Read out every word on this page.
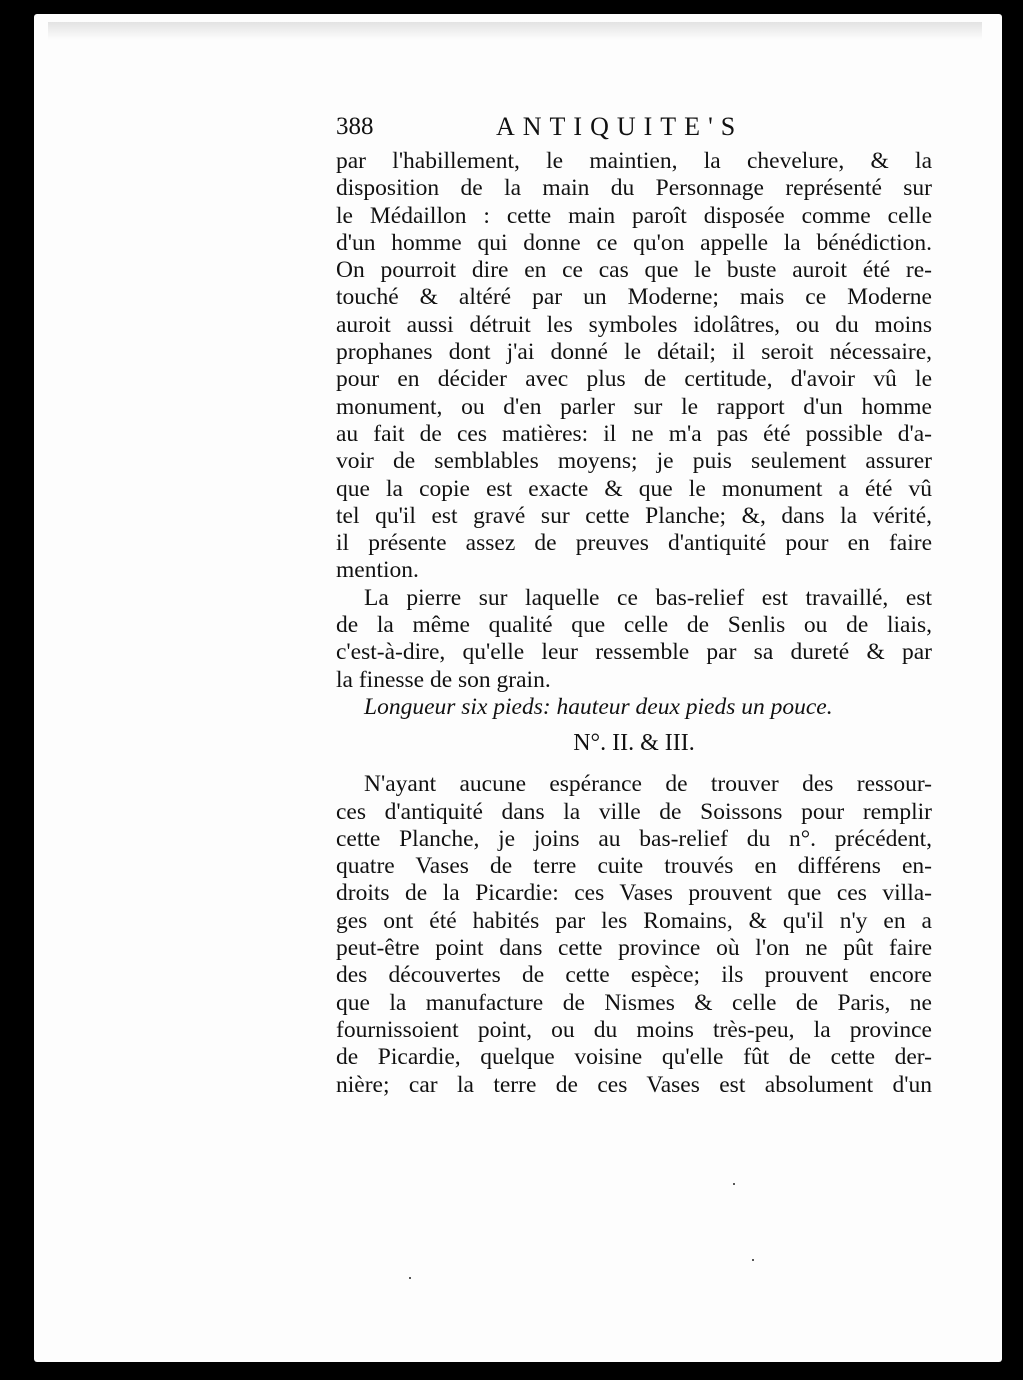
388	ANTIQUITE'S
par l'habillement, le maintien, la chevelure, & la
disposition de la main du Personnage représenté sur
le Médaillon : cette main paroît disposée comme celle
d'un homme qui donne ce qu'on appelle la bénédiction.
On pourroit dire en ce cas que le buste auroit été re-
touché & altéré par un Moderne; mais ce Moderne
auroit aussi détruit les symboles idolâtres, ou du moins
prophanes dont j'ai donné le détail; il seroit nécessaire,
pour en décider avec plus de certitude, d'avoir vû le
monument, ou d'en parler sur le rapport d'un homme
au fait de ces matières: il ne m'a pas été possible d'a-
voir de semblables moyens; je puis seulement assurer
que la copie est exacte & que le monument a été vû
tel qu'il est gravé sur cette Planche; &, dans la vérité,
il présente assez de preuves d'antiquité pour en faire
mention.
La pierre sur laquelle ce bas-relief est travaillé, est
de la même qualité que celle de Senlis ou de liais,
c'est-à-dire, qu'elle leur ressemble par sa dureté & par
la finesse de son grain.
Longueur six pieds: hauteur deux pieds un pouce.
N°. II. & III.
N'ayant aucune espérance de trouver des ressour-
ces d'antiquité dans la ville de Soissons pour remplir
cette Planche, je joins au bas-relief du n°. précédent,
quatre Vases de terre cuite trouvés en différens en-
droits de la Picardie: ces Vases prouvent que ces villa-
ges ont été habités par les Romains, & qu'il n'y en a
peut-être point dans cette province où l'on ne pût faire
des découvertes de cette espèce; ils prouvent encore
que la manufacture de Nismes & celle de Paris, ne
fournissoient point, ou du moins très-peu, la province
de Picardie, quelque voisine qu'elle fût de cette der-
nière; car la terre de ces Vases est absolument d'un
